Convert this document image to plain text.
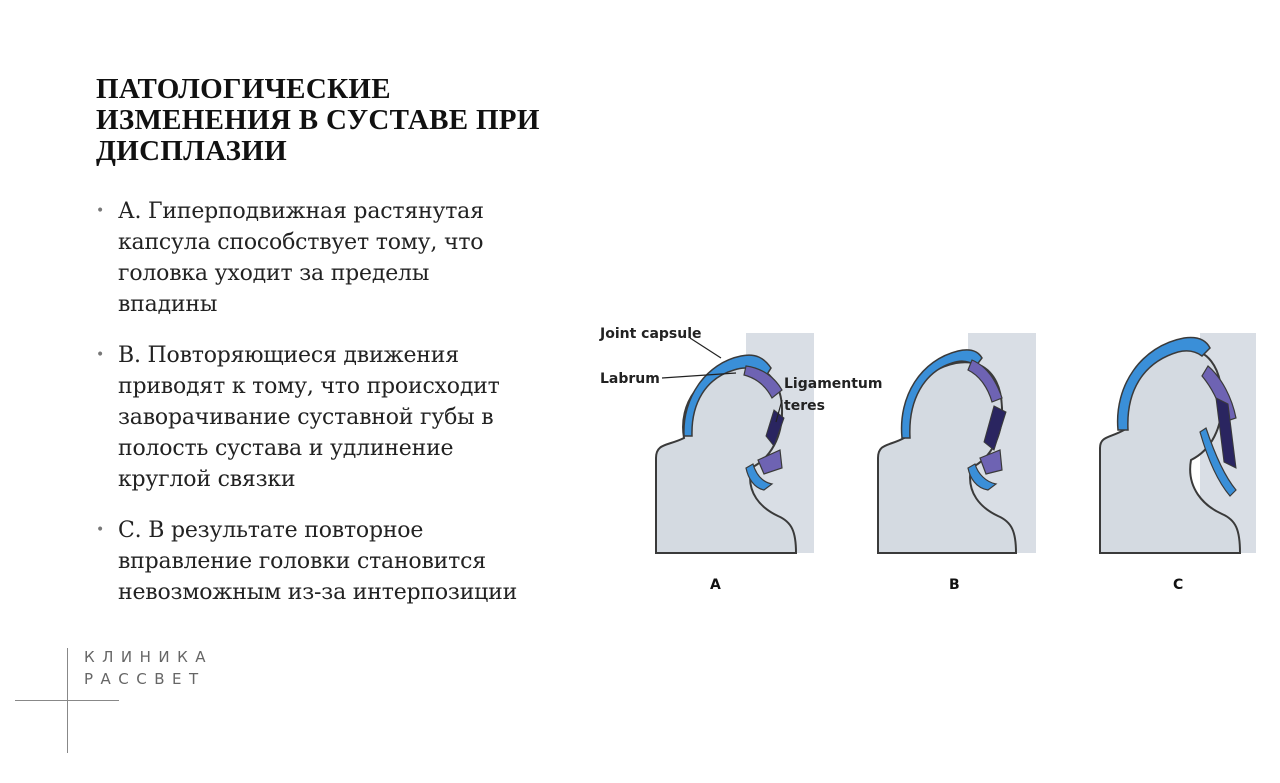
ПАТОЛОГИЧЕСКИЕ
ИЗМЕНЕНИЯ В СУСТАВЕ ПРИ
ДИСПЛАЗИИ
• А. Гиперподвижная растянутая
капсула способствует тому, что
головка уходит за пределы
впадины
• В. Повторяющиеся движения
приводят к тому, что происходит
заворачивание суставной губы в
полость сустава и удлинение
круглой связки
• С. В результате повторное
вправление головки становится
невозможным из-за интерпозиции
Joint capsule
Labrum	Ligamentum
teres
A	B	C
КЛИНИКА
РАССВЕТ
